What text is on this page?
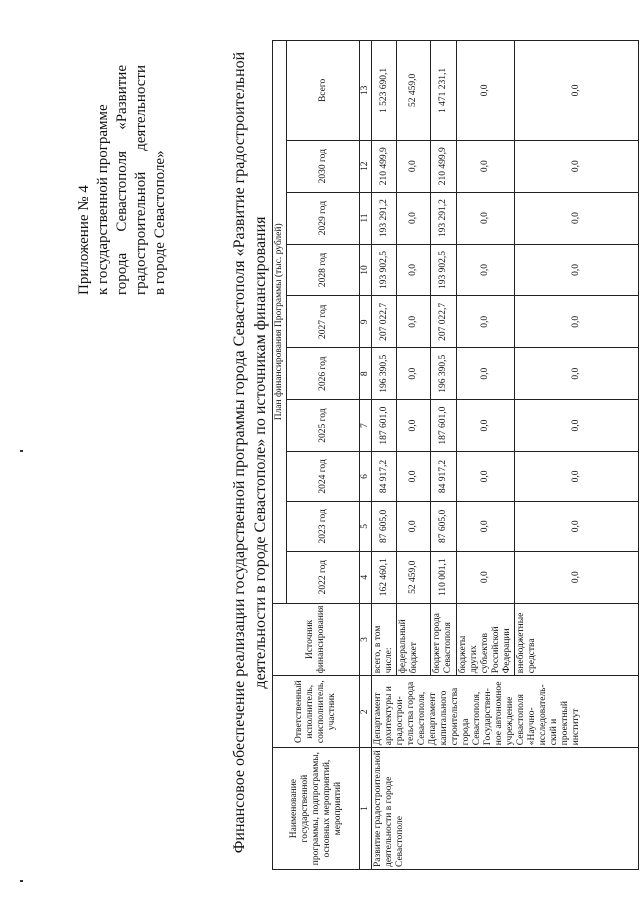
Приложение № 4 к государственной программе города
Севастополя
«Развитие
градостроительной
деятельности
в городе Севастополе»	Финансовое обеспечение реализации государственной программы города Севастополя «Развитие градостроительной деятельности в городе Севастополе» по источникам финансирования
Наименование государственной программы, подпрограммы, основных мероприятий, мероприятий	Ответственный исполнитель, соисполнитель, участник	Источник финансирования	План финансирования Программы (тыс. рублей)									
			2022 год	2023 год	2024 год	2025 год	2026 год	2027 год	2028 год	2029 год	2030 год	Всего
1	2	3	4	5	6	7	8	9	10	11	12	13
Развитие градостроительной деятельности в городе Севастополе	Департамент архитектуры и градострои-тельства города Севастополя, Департамент капитального строительства города Севастополя, Государствен-ное автономное учреждение Севастополя «Научно-исследователь-ский и проектный институт	всего, в том числе:	162 460,1	87 605,0	84 917,2	187 601,0	196 390,5	207 022,7	193 902,5	193 291,2	210 499,9	1 523 690,1
		федеральный бюджет	52 459,0	0,0	0,0	0,0	0,0	0,0	0,0	0,0	0,0	52 459,0
		бюджет города Севастополя	110 001,1	87 605,0	84 917,2	187 601,0	196 390,5	207 022,7	193 902,5	193 291,2	210 499,9	1 471 231,1
		бюджеты других субъектов Российской Федерации	0,0	0,0	0,0	0,0	0,0	0,0	0,0	0,0	0,0	0,0
		внебюджетные средства	0,0	0,0	0,0	0,0	0,0	0,0	0,0	0,0	0,0	0,0
